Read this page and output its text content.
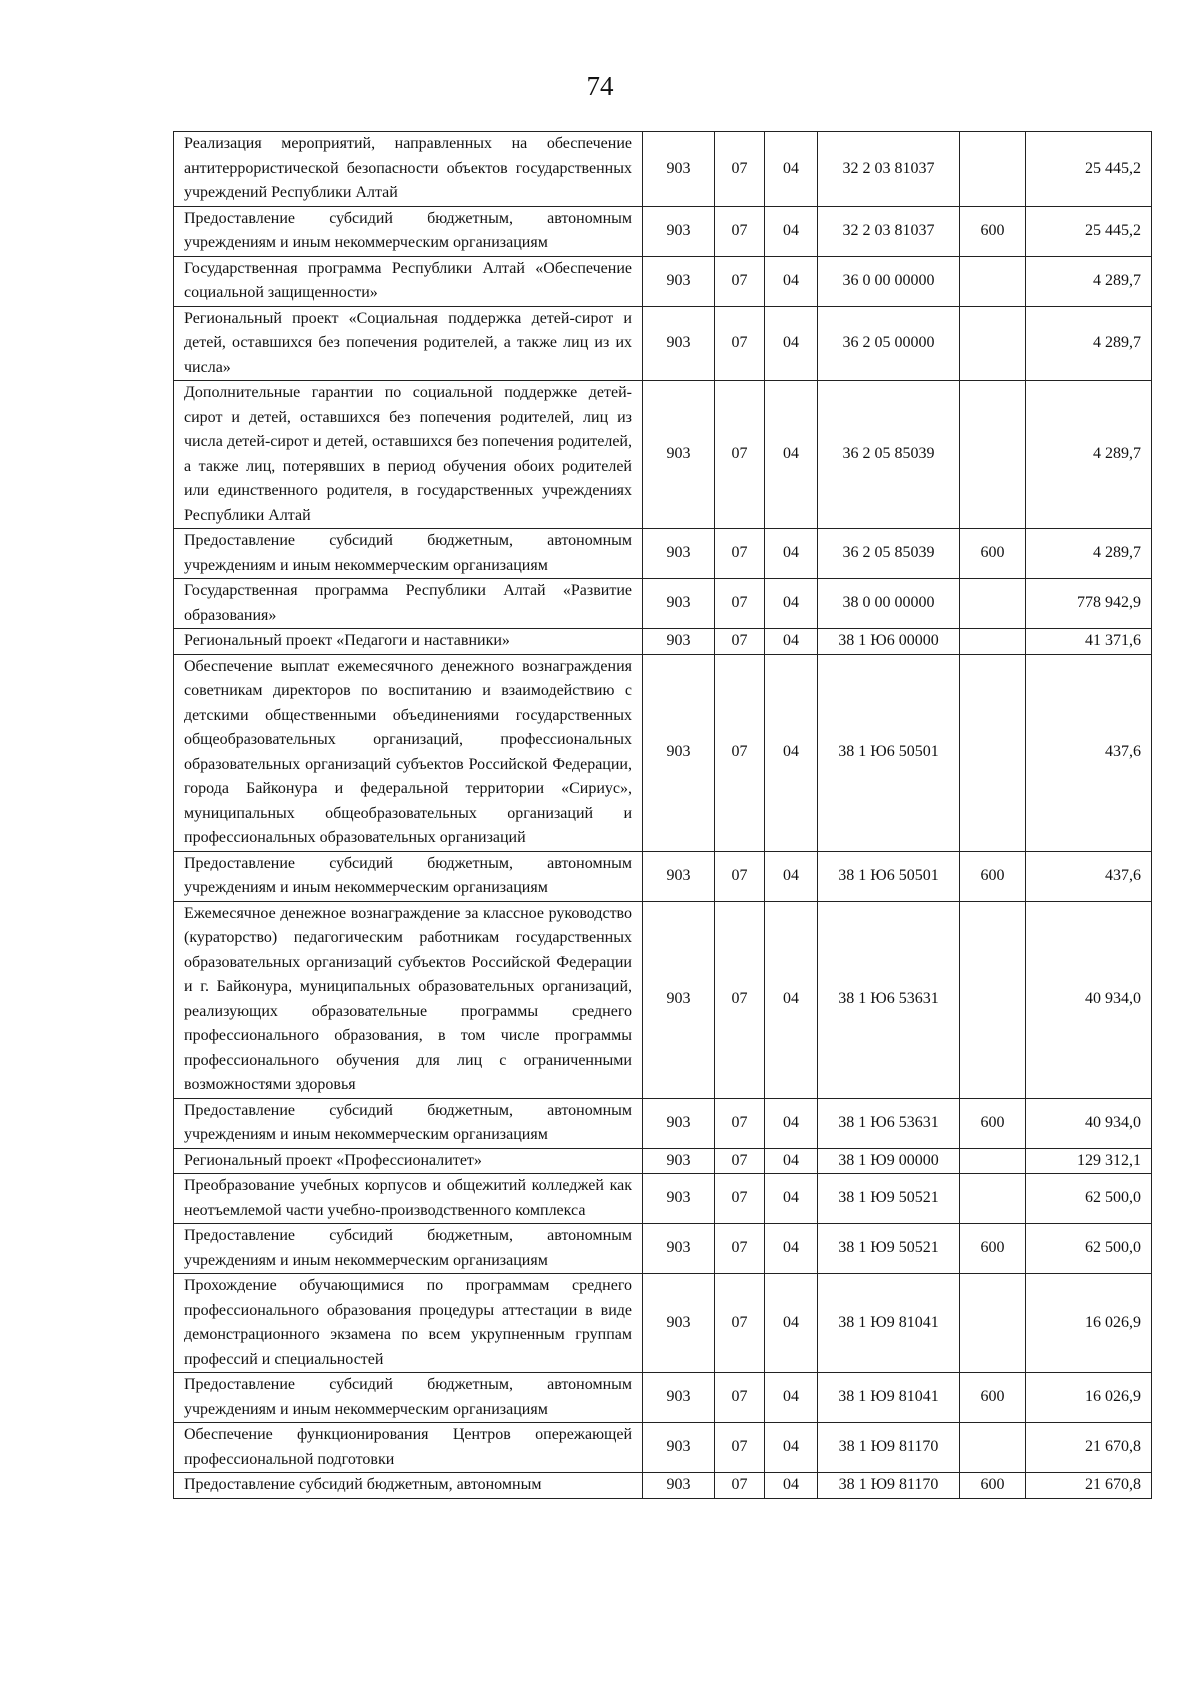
74
Реализация мероприятий, направленных на обеспечение антитеррористической безопасности объектов государственных учреждений Республики Алтай	903	07	04	32 2 03 81037		25 445,2
Предоставление субсидий бюджетным, автономным учреждениям и иным некоммерческим организациям	903	07	04	32 2 03 81037	600	25 445,2
Государственная программа Республики Алтай «Обеспечение социальной защищенности»	903	07	04	36 0 00 00000		4 289,7
Региональный проект «Социальная поддержка детей-сирот и детей, оставшихся без попечения родителей, а также лиц из их числа»	903	07	04	36 2 05 00000		4 289,7
Дополнительные гарантии по социальной поддержке детей-сирот и детей, оставшихся без попечения родителей, лиц из числа детей-сирот и детей, оставшихся без попечения родителей, а также лиц, потерявших в период обучения обоих родителей или единственного родителя, в государственных учреждениях Республики Алтай	903	07	04	36 2 05 85039		4 289,7
Предоставление субсидий бюджетным, автономным учреждениям и иным некоммерческим организациям	903	07	04	36 2 05 85039	600	4 289,7
Государственная программа Республики Алтай «Развитие образования»	903	07	04	38 0 00 00000		778 942,9
Региональный проект «Педагоги и наставники»	903	07	04	38 1 Ю6 00000		41 371,6
Обеспечение выплат ежемесячного денежного вознаграждения советникам директоров по воспитанию и взаимодействию с детскими общественными объединениями государственных общеобразовательных организаций, профессиональных образовательных организаций субъектов Российской Федерации, города Байконура и федеральной территории «Сириус», муниципальных общеобразовательных организаций и профессиональных образовательных организаций	903	07	04	38 1 Ю6 50501		437,6
Предоставление субсидий бюджетным, автономным учреждениям и иным некоммерческим организациям	903	07	04	38 1 Ю6 50501	600	437,6
Ежемесячное денежное вознаграждение за классное руководство (кураторство) педагогическим работникам государственных образовательных организаций субъектов Российской Федерации и г. Байконура, муниципальных образовательных организаций, реализующих образовательные программы среднего профессионального образования, в том числе программы профессионального обучения для лиц с ограниченными возможностями здоровья	903	07	04	38 1 Ю6 53631		40 934,0
Предоставление субсидий бюджетным, автономным учреждениям и иным некоммерческим организациям	903	07	04	38 1 Ю6 53631	600	40 934,0
Региональный проект «Профессионалитет»	903	07	04	38 1 Ю9 00000		129 312,1
Преобразование учебных корпусов и общежитий колледжей как неотъемлемой части учебно-производственного комплекса	903	07	04	38 1 Ю9 50521		62 500,0
Предоставление субсидий бюджетным, автономным учреждениям и иным некоммерческим организациям	903	07	04	38 1 Ю9 50521	600	62 500,0
Прохождение обучающимися по программам среднего профессионального образования процедуры аттестации в виде демонстрационного экзамена по всем укрупненным группам профессий и специальностей	903	07	04	38 1 Ю9 81041		16 026,9
Предоставление субсидий бюджетным, автономным учреждениям и иным некоммерческим организациям	903	07	04	38 1 Ю9 81041	600	16 026,9
Обеспечение функционирования Центров опережающей профессиональной подготовки	903	07	04	38 1 Ю9 81170		21 670,8
Предоставление субсидий бюджетным, автономным	903	07	04	38 1 Ю9 81170	600	21 670,8
